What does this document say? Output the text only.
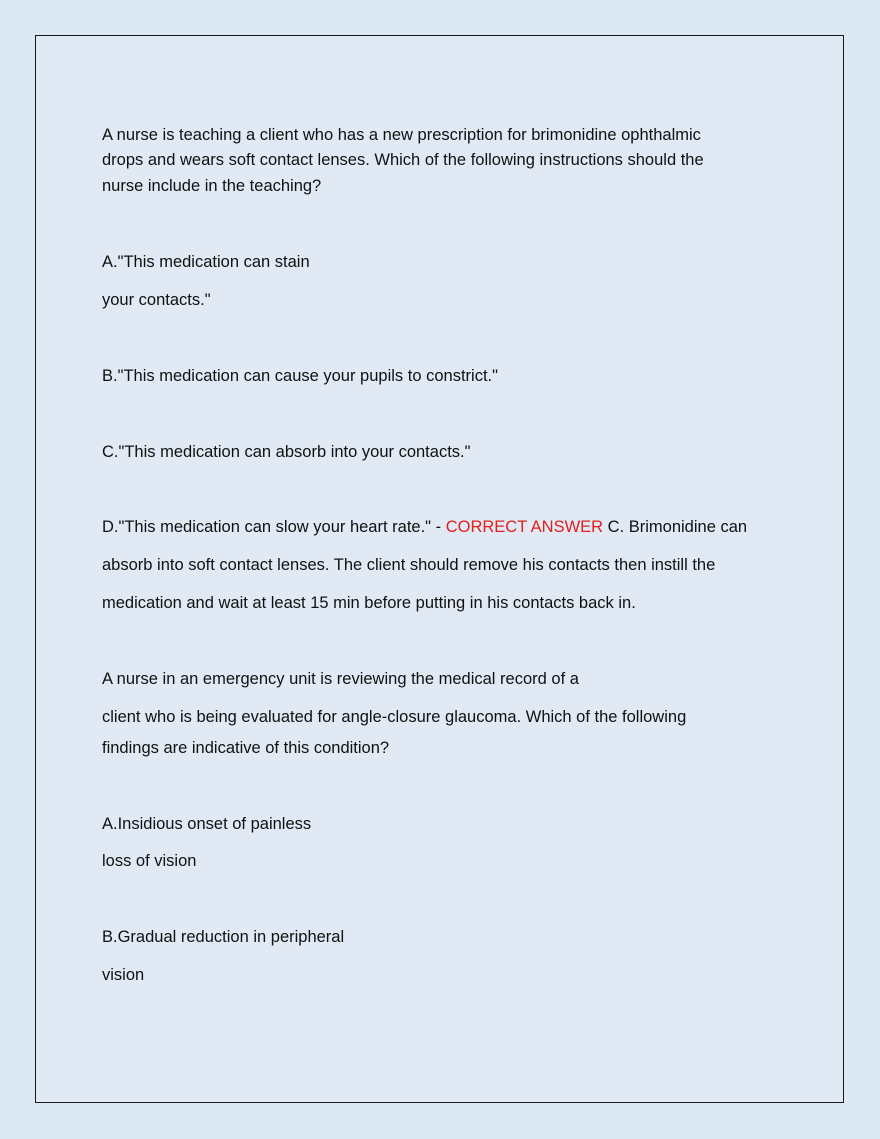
A nurse is teaching a client who has a new prescription for brimonidine ophthalmic

drops and wears soft contact lenses. Which of the following instructions should the

nurse include in the teaching?

A."This medication can stain

your contacts."

B."This medication can cause your pupils to constrict."

C."This medication can absorb into your contacts."

D."This medication can slow your heart rate." - CORRECT ANSWER C. Brimonidine can

absorb into soft contact lenses. The client should remove his contacts then instill the

medication and wait at least 15 min before putting in his contacts back in.

A nurse in an emergency unit is reviewing the medical record of a

client who is being evaluated for angle-closure glaucoma. Which of the following

findings are indicative of this condition?

A.Insidious onset of painless

loss of vision

B.Gradual reduction in peripheral

vision
